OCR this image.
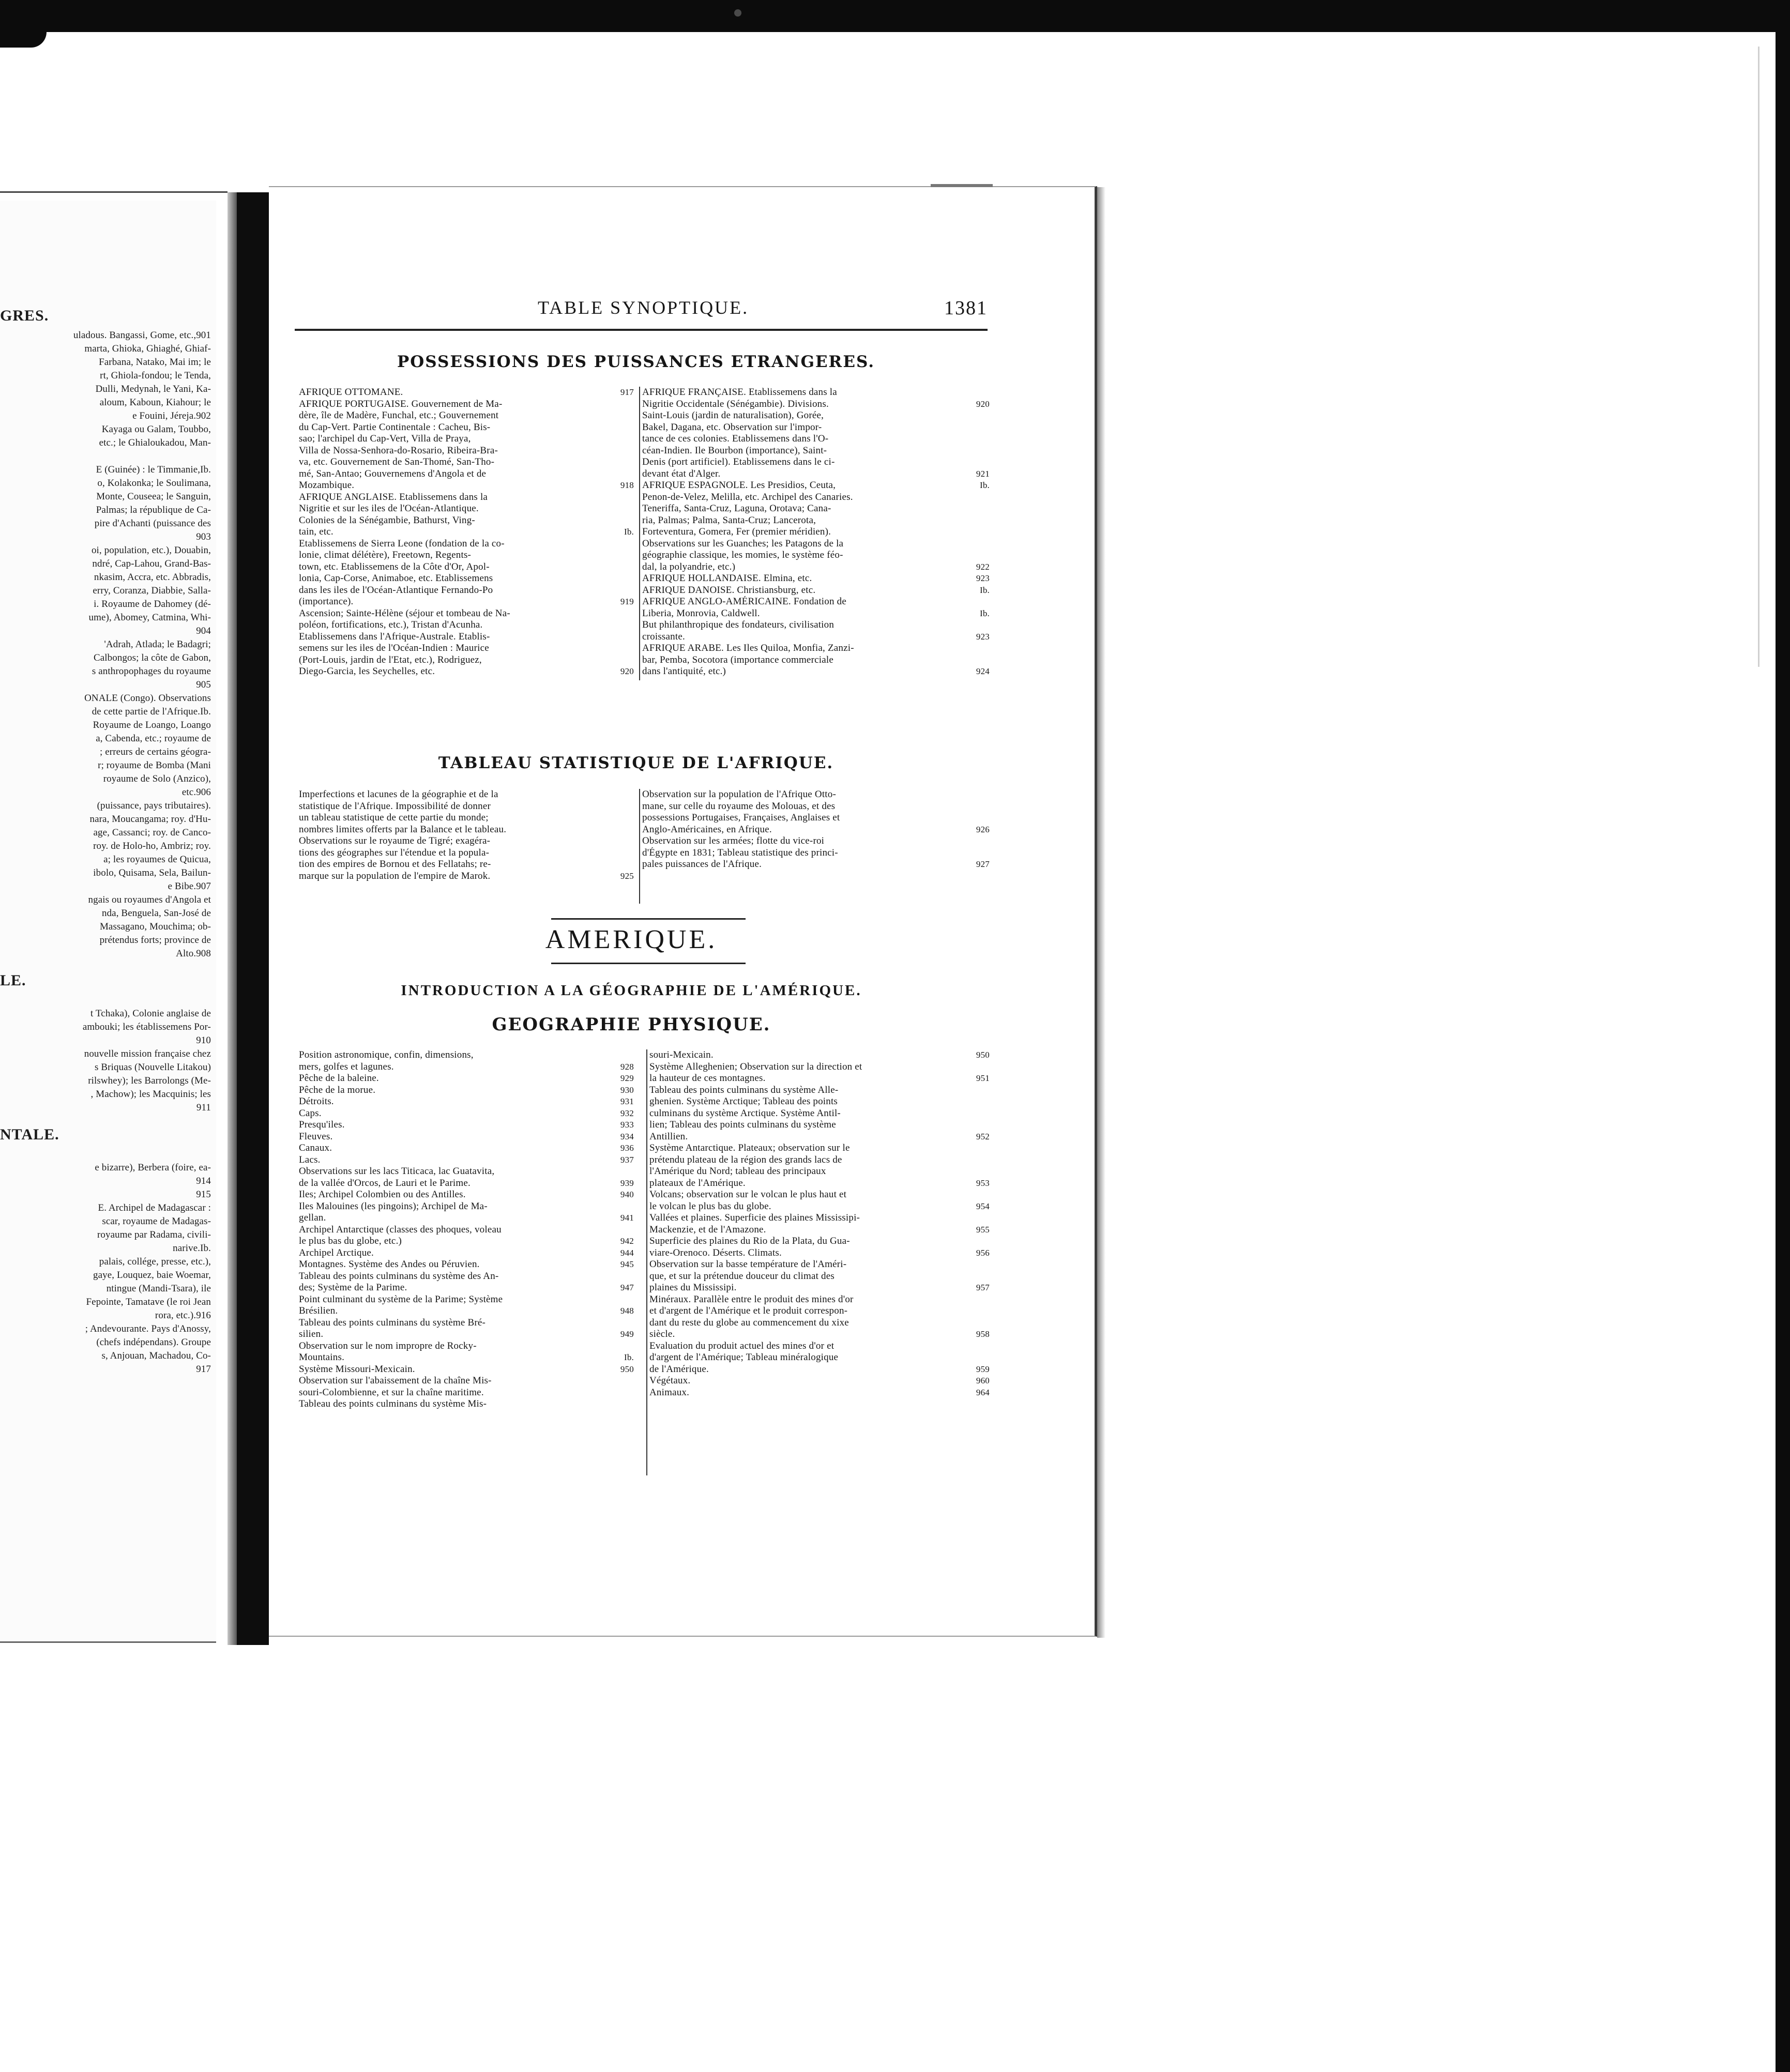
GRES.
uladous. Bangassi, Gome, etc.,901
marta, Ghioka, Ghiaghé, Ghiaf-
Farbana, Natako, Mai im; le
rt, Ghiola-fondou; le Tenda,
Dulli, Medynah, le Yani, Ka-
aloum, Kaboun, Kiahour; le
e Fouini, Jéreja.902
Kayaga ou Galam, Toubbo,
etc.; le Ghialoukadou, Man-
E (Guinée) : le Timmanie,Ib.
o, Kolakonka; le Soulimana,
Monte, Couseea; le Sanguin,
Palmas; la république de Ca-
pire d'Achanti (puissance des
903
oi, population, etc.), Douabin,
ndré, Cap-Lahou, Grand-Bas-
nkasim, Accra, etc. Abbradis,
erry, Coranza, Diabbie, Salla-
i. Royaume de Dahomey (dé-
ume), Abomey, Catmina, Whi-
904
'Adrah, Atlada; le Badagri;
Calbongos; la côte de Gabon,
s anthropophages du royaume
905
ONALE (Congo). Observations
de cette partie de l'Afrique.Ib.
Royaume de Loango, Loango
a, Cabenda, etc.; royaume de
; erreurs de certains géogra-
r; royaume de Bomba (Mani
royaume de Solo (Anzico),
etc.906
(puissance, pays tributaires).
nara, Moucangama; roy. d'Hu-
age, Cassanci; roy. de Canco-
roy. de Holo-ho, Ambriz; roy.
a; les royaumes de Quicua,
ibolo, Quisama, Sela, Bailun-
e Bibe.907
ngais ou royaumes d'Angola et
nda, Benguela, San-José de
Massagano, Mouchima; ob-
prétendus forts; province de
Alto.908
LE.
t Tchaka), Colonie anglaise de
ambouki; les établissemens Por-
910
nouvelle mission française chez
s Briquas (Nouvelle Litakou)
rilswhey); les Barrolongs (Me-
, Machow); les Macquinis; les
911
NTALE.
e bizarre), Berbera (foire, ea-
914
915
E. Archipel de Madagascar :
scar, royaume de Madagas-
royaume par Radama, civili-
narive.Ib.
palais, collége, presse, etc.),
gaye, Louquez, baie Woemar,
ntingue (Mandi-Tsara), ile
Fepointe, Tamatave (le roi Jean
rora, etc.).916
; Andevourante. Pays d'Anossy,
(chefs indépendans). Groupe
s, Anjouan, Machadou, Co-
917
TABLE SYNOPTIQUE.	1381
POSSESSIONS DES PUISSANCES ETRANGERES.
AFRIQUE OTTOMANE.	917
AFRIQUE PORTUGAISE. Gouvernement de Ma-
dère, île de Madère, Funchal, etc.; Gouvernement
du Cap-Vert. Partie Continentale : Cacheu, Bis-
sao; l'archipel du Cap-Vert, Villa de Praya,
Villa de Nossa-Senhora-do-Rosario, Ribeira-Bra-
va, etc. Gouvernement de San-Thomé, San-Tho-
mé, San-Antao; Gouvernemens d'Angola et de
Mozambique.	918
AFRIQUE ANGLAISE. Etablissemens dans la
Nigritie et sur les iles de l'Océan-Atlantique.
Colonies de la Sénégambie, Bathurst, Ving-
tain, etc.	Ib.
Etablissemens de Sierra Leone (fondation de la co-
lonie, climat délétère), Freetown, Regents-
town, etc. Etablissemens de la Côte d'Or, Apol-
lonia, Cap-Corse, Animaboe, etc. Etablissemens
dans les iles de l'Océan-Atlantique Fernando-Po
(importance).	919
Ascension; Sainte-Hélène (séjour et tombeau de Na-
poléon, fortifications, etc.), Tristan d'Acunha.
Etablissemens dans l'Afrique-Australe. Etablis-
semens sur les iles de l'Océan-Indien : Maurice
(Port-Louis, jardin de l'Etat, etc.), Rodriguez,
Diego-Garcia, les Seychelles, etc.	920
AFRIQUE FRANÇAISE. Etablissemens dans la
Nigritie Occidentale (Sénégambie). Divisions.	920
Saint-Louis (jardin de naturalisation), Gorée,
Bakel, Dagana, etc. Observation sur l'impor-
tance de ces colonies. Etablissemens dans l'O-
céan-Indien. Ile Bourbon (importance), Saint-
Denis (port artificiel). Etablissemens dans le ci-
devant état d'Alger.	921
AFRIQUE ESPAGNOLE. Les Presidios, Ceuta,	Ib.
Penon-de-Velez, Melilla, etc. Archipel des Canaries.
Teneriffa, Santa-Cruz, Laguna, Orotava; Cana-
ria, Palmas; Palma, Santa-Cruz; Lancerota,
Forteventura, Gomera, Fer (premier méridien).
Observations sur les Guanches; les Patagons de la
géographie classique, les momies, le système féo-
dal, la polyandrie, etc.)	922
AFRIQUE HOLLANDAISE. Elmina, etc.	923
AFRIQUE DANOISE. Christiansburg, etc.	Ib.
AFRIQUE ANGLO-AMÉRICAINE. Fondation de
Liberia, Monrovia, Caldwell.	Ib.
But philanthropique des fondateurs, civilisation
croissante.	923
AFRIQUE ARABE. Les Iles Quiloa, Monfia, Zanzi-
bar, Pemba, Socotora (importance commerciale
dans l'antiquité, etc.)	924
TABLEAU STATISTIQUE DE L'AFRIQUE.
Imperfections et lacunes de la géographie et de la
statistique de l'Afrique. Impossibilité de donner
un tableau statistique de cette partie du monde;
nombres limites offerts par la Balance et le tableau.
Observations sur le royaume de Tigré; exagéra-
tions des géographes sur l'étendue et la popula-
tion des empires de Bornou et des Fellatahs; re-
marque sur la population de l'empire de Marok.	925
Observation sur la population de l'Afrique Otto-
mane, sur celle du royaume des Molouas, et des
possessions Portugaises, Françaises, Anglaises et
Anglo-Américaines, en Afrique.	926
Observation sur les armées; flotte du vice-roi
d'Égypte en 1831; Tableau statistique des princi-
pales puissances de l'Afrique.	927
AMERIQUE.
INTRODUCTION A LA GÉOGRAPHIE DE L'AMÉRIQUE.
GEOGRAPHIE PHYSIQUE.
Position astronomique, confin, dimensions,
mers, golfes et lagunes.	928
Pêche de la baleine.	929
Pêche de la morue.	930
Détroits.	931
Caps.	932
Presqu'iles.	933
Fleuves.	934
Canaux.	936
Lacs.	937
Observations sur les lacs Titicaca, lac Guatavita,
de la vallée d'Orcos, de Lauri et le Parime.	939
Iles; Archipel Colombien ou des Antilles.	940
Iles Malouines (les pingoins); Archipel de Ma-
gellan.	941
Archipel Antarctique (classes des phoques, voleau
le plus bas du globe, etc.)	942
Archipel Arctique.	944
Montagnes. Système des Andes ou Péruvien.	945
Tableau des points culminans du système des An-
des; Système de la Parime.	947
Point culminant du système de la Parime; Système
Brésilien.	948
Tableau des points culminans du système Bré-
silien.	949
Observation sur le nom impropre de Rocky-
Mountains.	Ib.
Système Missouri-Mexicain.	950
Observation sur l'abaissement de la chaîne Mis-
souri-Colombienne, et sur la chaîne maritime.
Tableau des points culminans du système Mis-
souri-Mexicain.	950
Système Alleghenien; Observation sur la direction et
la hauteur de ces montagnes.	951
Tableau des points culminans du système Alle-
ghenien. Système Arctique; Tableau des points
culminans du système Arctique. Système Antil-
lien; Tableau des points culminans du système
Antillien.	952
Système Antarctique. Plateaux; observation sur le
prétendu plateau de la région des grands lacs de
l'Amérique du Nord; tableau des principaux
plateaux de l'Amérique.	953
Volcans; observation sur le volcan le plus haut et
le volcan le plus bas du globe.	954
Vallées et plaines. Superficie des plaines Mississipi-
Mackenzie, et de l'Amazone.	955
Superficie des plaines du Rio de la Plata, du Gua-
viare-Orenoco. Déserts. Climats.	956
Observation sur la basse température de l'Améri-
que, et sur la prétendue douceur du climat des
plaines du Mississipi.	957
Minéraux. Parallèle entre le produit des mines d'or
et d'argent de l'Amérique et le produit correspon-
dant du reste du globe au commencement du xixe
siècle.	958
Evaluation du produit actuel des mines d'or et
d'argent de l'Amérique; Tableau minéralogique
de l'Amérique.	959
Végétaux.	960
Animaux.	964
